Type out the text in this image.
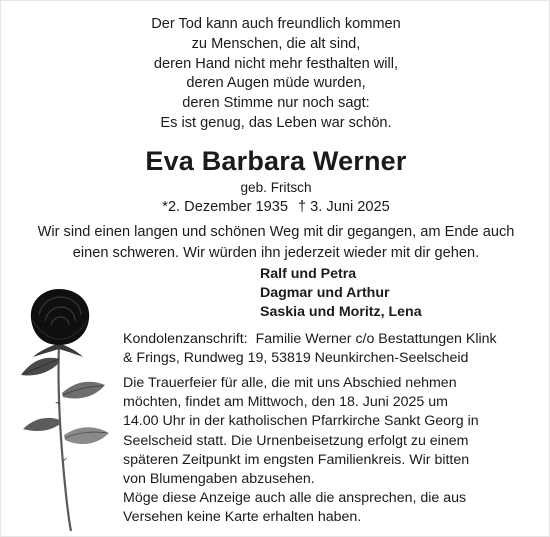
Der Tod kann auch freundlich kommen
zu Menschen, die alt sind,
deren Hand nicht mehr festhalten will,
deren Augen müde wurden,
deren Stimme nur noch sagt:
Es ist genug, das Leben war schön.
Eva Barbara Werner
geb. Fritsch
*2. Dezember 1935 † 3. Juni 2025
Wir sind einen langen und schönen Weg mit dir gegangen, am Ende auch
einen schweren. Wir würden ihn jederzeit wieder mit dir gehen.
Ralf und Petra
Dagmar und Arthur
Saskia und Moritz, Lena
Kondolenzanschrift: Familie Werner c/o Bestattungen Klink
& Frings, Rundweg 19, 53819 Neunkirchen-Seelscheid
Die Trauerfeier für alle, die mit uns Abschied nehmen
möchten, findet am Mittwoch, den 18. Juni 2025 um
14.00 Uhr in der katholischen Pfarrkirche Sankt Georg in
Seelscheid statt. Die Urnenbeisetzung erfolgt zu einem
späteren Zeitpunkt im engsten Familienkreis. Wir bitten
von Blumengaben abzusehen.
Möge diese Anzeige auch alle die ansprechen, die aus
Versehen keine Karte erhalten haben.
